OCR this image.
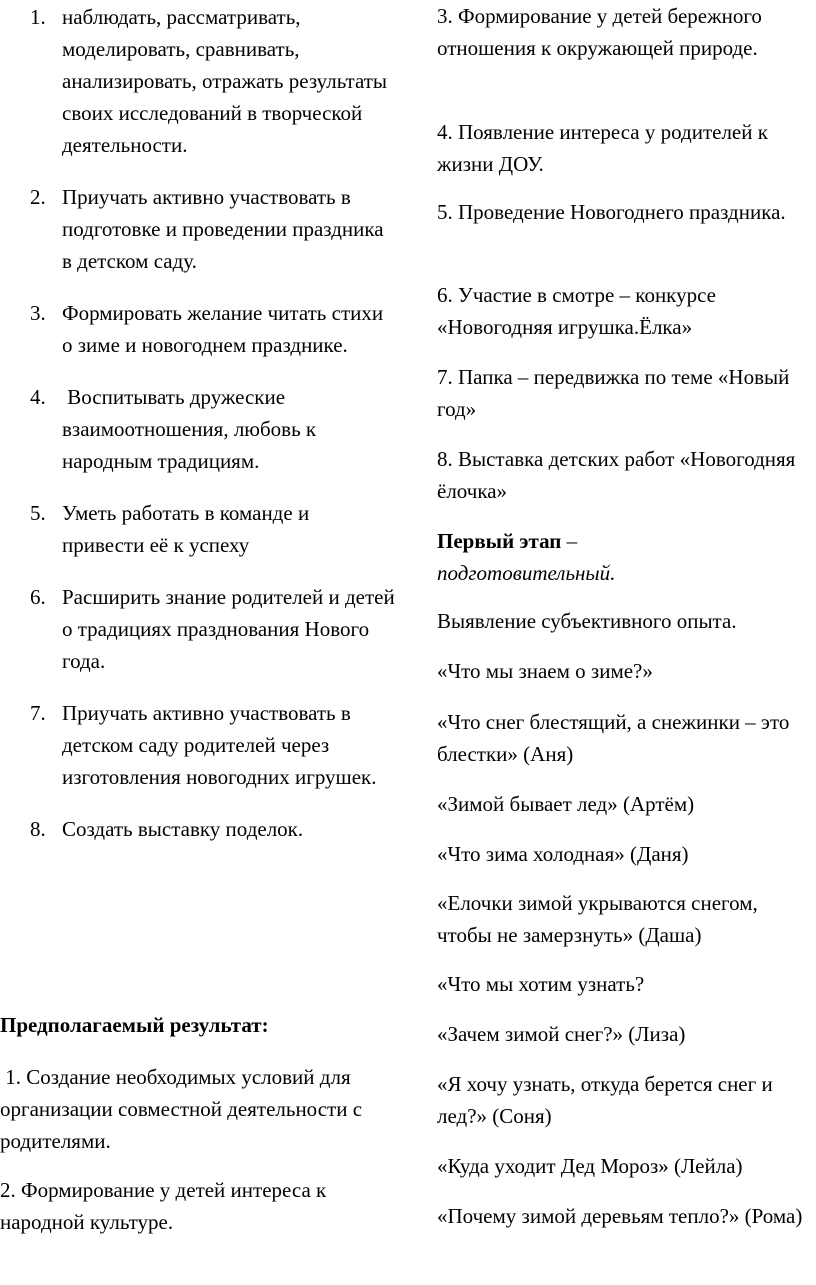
1. наблюдать, рассматривать, моделировать, сравнивать, анализировать, отражать результаты своих исследований в творческой деятельности.
2. Приучать активно участвовать в подготовке и проведении праздника в детском саду.
3. Формировать желание читать стихи о зиме и новогоднем празднике.
4. Воспитывать дружеские взаимоотношения, любовь к народным традициям.
5. Уметь работать в команде и привести её к успеху
6. Расширить знание родителей и детей о традициях празднования Нового года.
7. Приучать активно участвовать в детском саду родителей через изготовления новогодних игрушек.
8. Создать выставку поделок.

Предполагаемый результат:

1. Создание необходимых условий для организации совместной деятельности с родителями.

2. Формирование у детей интереса к народной культуре.

3. Формирование у детей бережного отношения к окружающей природе.

4. Появление интереса у родителей к жизни ДОУ.

5. Проведение Новогоднего праздника.

6. Участие в смотре – конкурсе «Новогодняя игрушка.Ёлка»

7. Папка – передвижка по теме «Новый год»

8. Выставка детских работ «Новогодняя ёлочка»

Первый этап –
подготовительный.

Выявление субъективного опыта.

«Что мы знаем о зиме?»

«Что снег блестящий, а снежинки – это блестки» (Аня)

«Зимой бывает лед» (Артём)

«Что зима холодная» (Даня)

«Елочки зимой укрываются снегом, чтобы не замерзнуть» (Даша)

«Что мы хотим узнать?

«Зачем зимой снег?» (Лиза)

«Я хочу узнать, откуда берется снег и лед?» (Соня)

«Куда уходит Дед Мороз» (Лейла)

«Почему зимой деревьям тепло?» (Рома)
